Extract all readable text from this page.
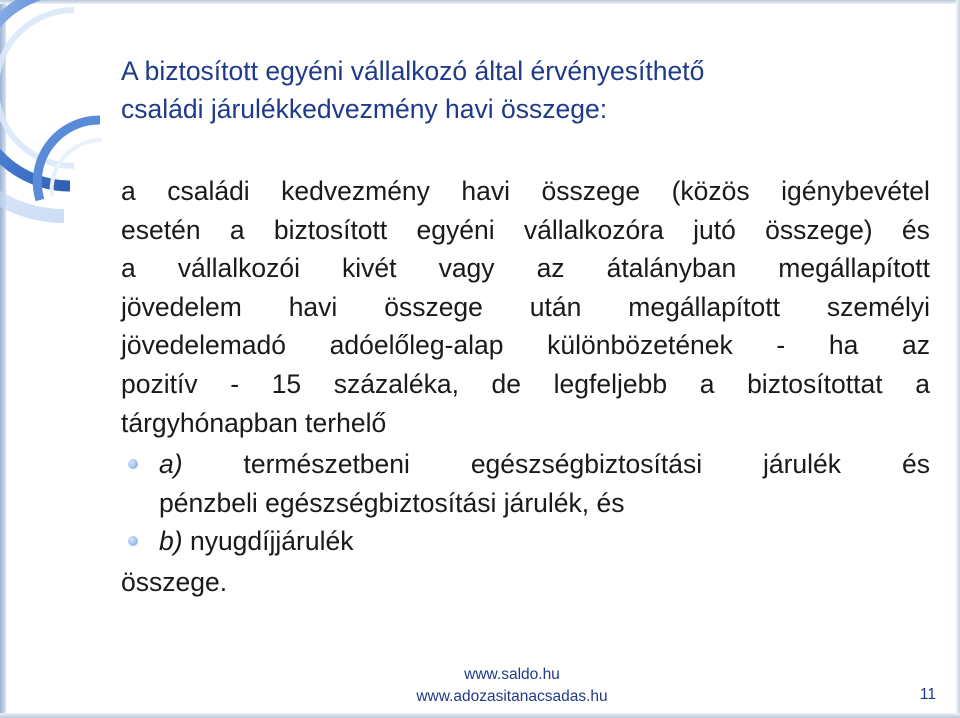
A biztosított egyéni vállalkozó által érvényesíthető
családi járulékkedvezmény havi összege:
a családi kedvezmény havi összege (közös igénybevétel
esetén a biztosított egyéni vállalkozóra jutó összege) és
a vállalkozói kivét vagy az átalányban megállapított
jövedelem havi összege után megállapított személyi
jövedelemadó adóelőleg-alap különbözetének - ha az
pozitív - 15 százaléka, de legfeljebb a biztosítottat a
tárgyhónapban terhelő
a) természetbeni egészségbiztosítási járulék és
pénzbeli egészségbiztosítási járulék, és
b) nyugdíjjárulék
összege.
www.saldo.hu
www.adozasitanacsadas.hu	11
